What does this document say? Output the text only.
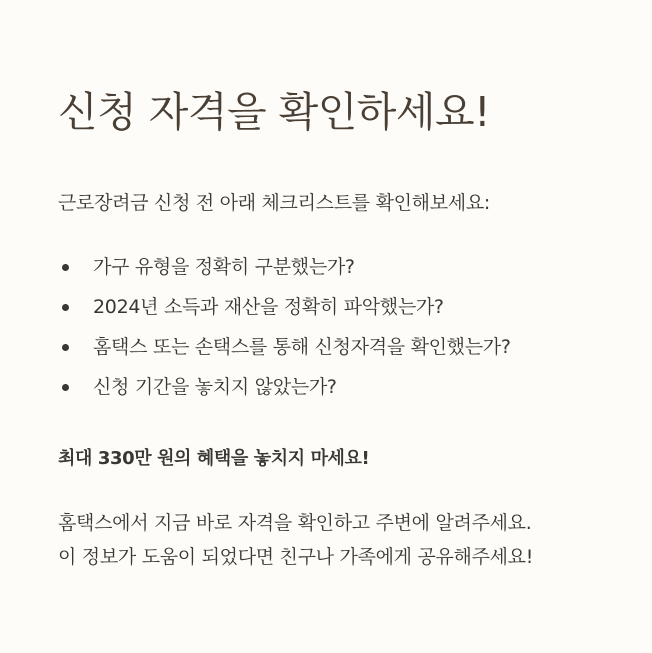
신청 자격을 확인하세요!

근로장려금 신청 전 아래 체크리스트를 확인해보세요:

가구 유형을 정확히 구분했는가?
2024년 소득과 재산을 정확히 파악했는가?
홈택스 또는 손택스를 통해 신청자격을 확인했는가?
신청 기간을 놓치지 않았는가?

최대 330만 원의 혜택을 놓치지 마세요!

홈택스에서 지금 바로 자격을 확인하고 주변에 알려주세요.
이 정보가 도움이 되었다면 친구나 가족에게 공유해주세요!
